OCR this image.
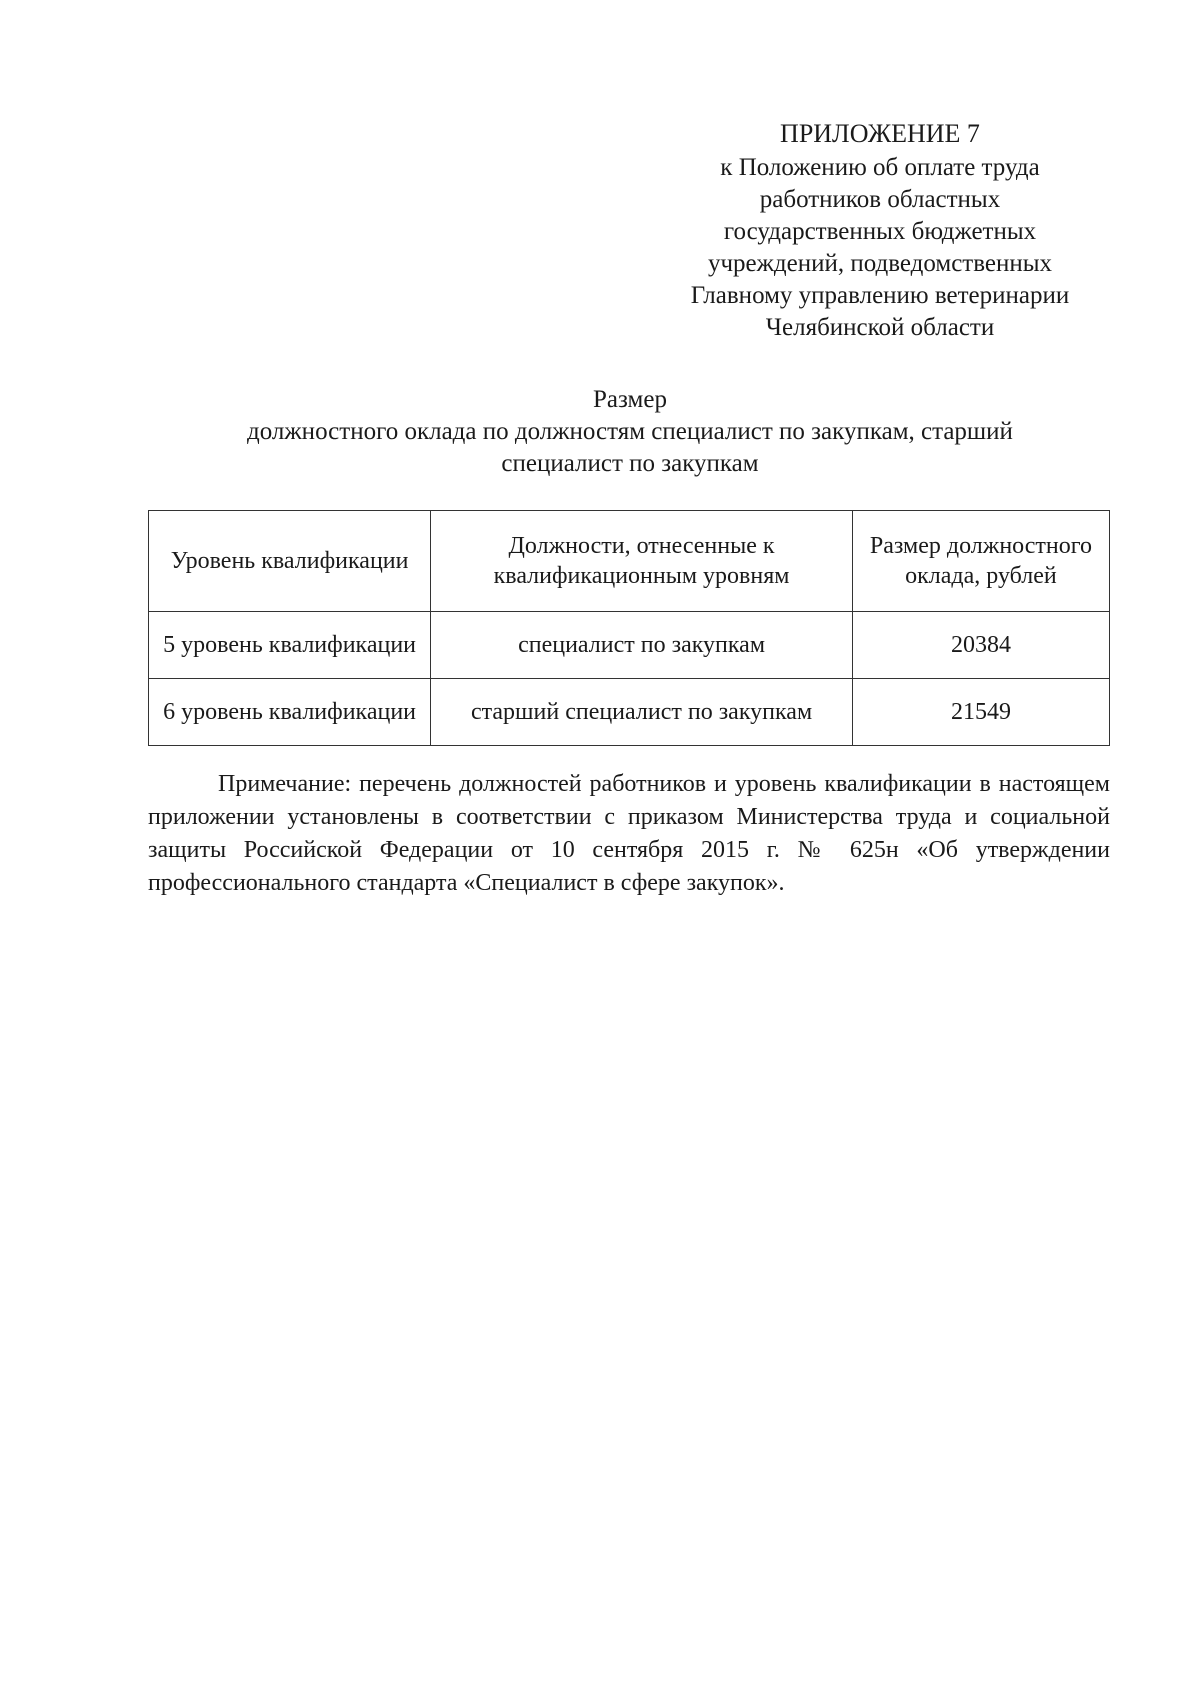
ПРИЛОЖЕНИЕ 7
к Положению об оплате труда
работников областных
государственных бюджетных
учреждений, подведомственных
Главному управлению ветеринарии
Челябинской области
Размер
должностного оклада по должностям специалист по закупкам, старший
специалист по закупкам
Уровень квалификации	Должности, отнесенные к квалификационным уровням	Размер должностного оклада, рублей
5 уровень квалификации	специалист по закупкам	20384
6 уровень квалификации	старший специалист по закупкам	21549
Примечание: перечень должностей работников и уровень квалификации в настоящем приложении установлены в соответствии с приказом Министерства труда и социальной защиты Российской Федерации от 10 сентября 2015 г. № 625н «Об утверждении профессионального стандарта «Специалист в сфере закупок».
